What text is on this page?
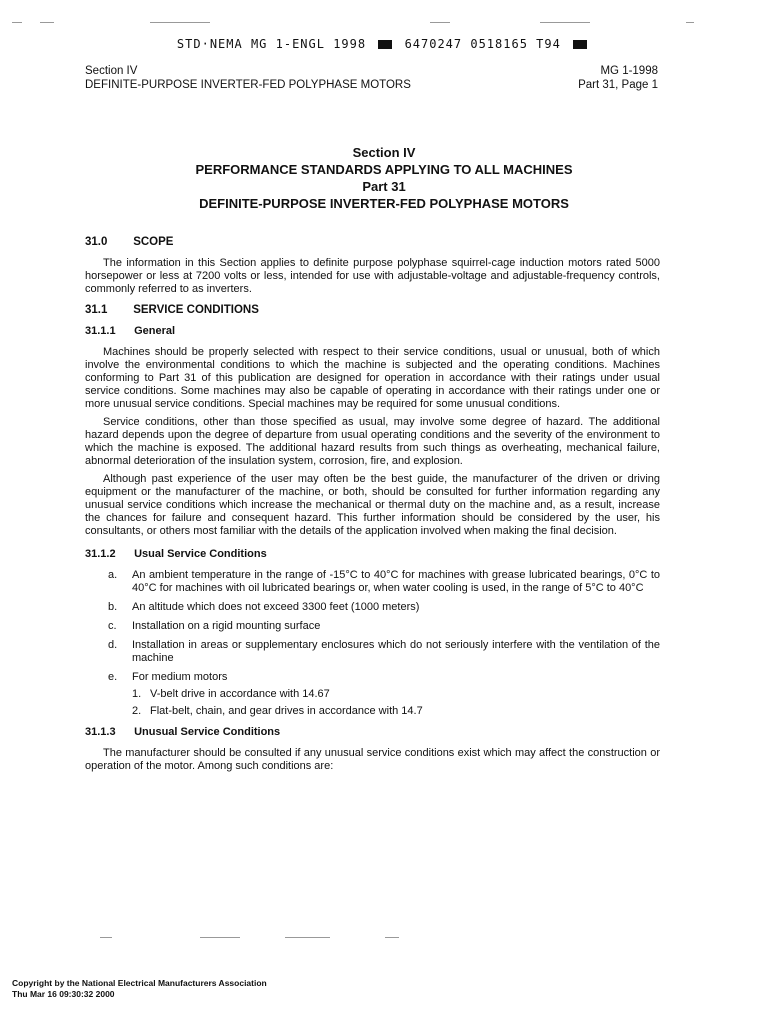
STD·NEMA MG 1-ENGL 1998	6470247 0518165 T94
Section IV
DEFINITE-PURPOSE INVERTER-FED POLYPHASE MOTORS
MG 1-1998
Part 31, Page 1
Section IV
PERFORMANCE STANDARDS APPLYING TO ALL MACHINES
Part 31
DEFINITE-PURPOSE INVERTER-FED POLYPHASE MOTORS
31.0 SCOPE

The information in this Section applies to definite purpose polyphase squirrel-cage induction motors rated 5000 horsepower or less at 7200 volts or less, intended for use with adjustable-voltage and adjustable-frequency controls, commonly referred to as inverters.

31.1 SERVICE CONDITIONS
31.1.1 General

Machines should be properly selected with respect to their service conditions, usual or unusual, both of which involve the environmental conditions to which the machine is subjected and the operating conditions. Machines conforming to Part 31 of this publication are designed for operation in accordance with their ratings under usual service conditions. Some machines may also be capable of operating in accordance with their ratings under one or more unusual service conditions. Special machines may be required for some unusual conditions.

Service conditions, other than those specified as usual, may involve some degree of hazard. The additional hazard depends upon the degree of departure from usual operating conditions and the severity of the environment to which the machine is exposed. The additional hazard results from such things as overheating, mechanical failure, abnormal deterioration of the insulation system, corrosion, fire, and explosion.

Although past experience of the user may often be the best guide, the manufacturer of the driven or driving equipment or the manufacturer of the machine, or both, should be consulted for further information regarding any unusual service conditions which increase the mechanical or thermal duty on the machine and, as a result, increase the chances for failure and consequent hazard. This further information should be considered by the user, his consultants, or others most familiar with the details of the application involved when making the final decision.

31.1.2 Usual Service Conditions
a. An ambient temperature in the range of -15°C to 40°C for machines with grease lubricated bearings, 0°C to 40°C for machines with oil lubricated bearings or, when water cooling is used, in the range of 5°C to 40°C
b. An altitude which does not exceed 3300 feet (1000 meters)
c. Installation on a rigid mounting surface
d. Installation in areas or supplementary enclosures which do not seriously interfere with the ventilation of the machine
e. For medium motors
1. V-belt drive in accordance with 14.67
2. Flat-belt, chain, and gear drives in accordance with 14.7
31.1.3 Unusual Service Conditions

The manufacturer should be consulted if any unusual service conditions exist which may affect the construction or operation of the motor. Among such conditions are:

Copyright by the National Electrical Manufacturers Association
Thu Mar 16 09:30:32 2000
